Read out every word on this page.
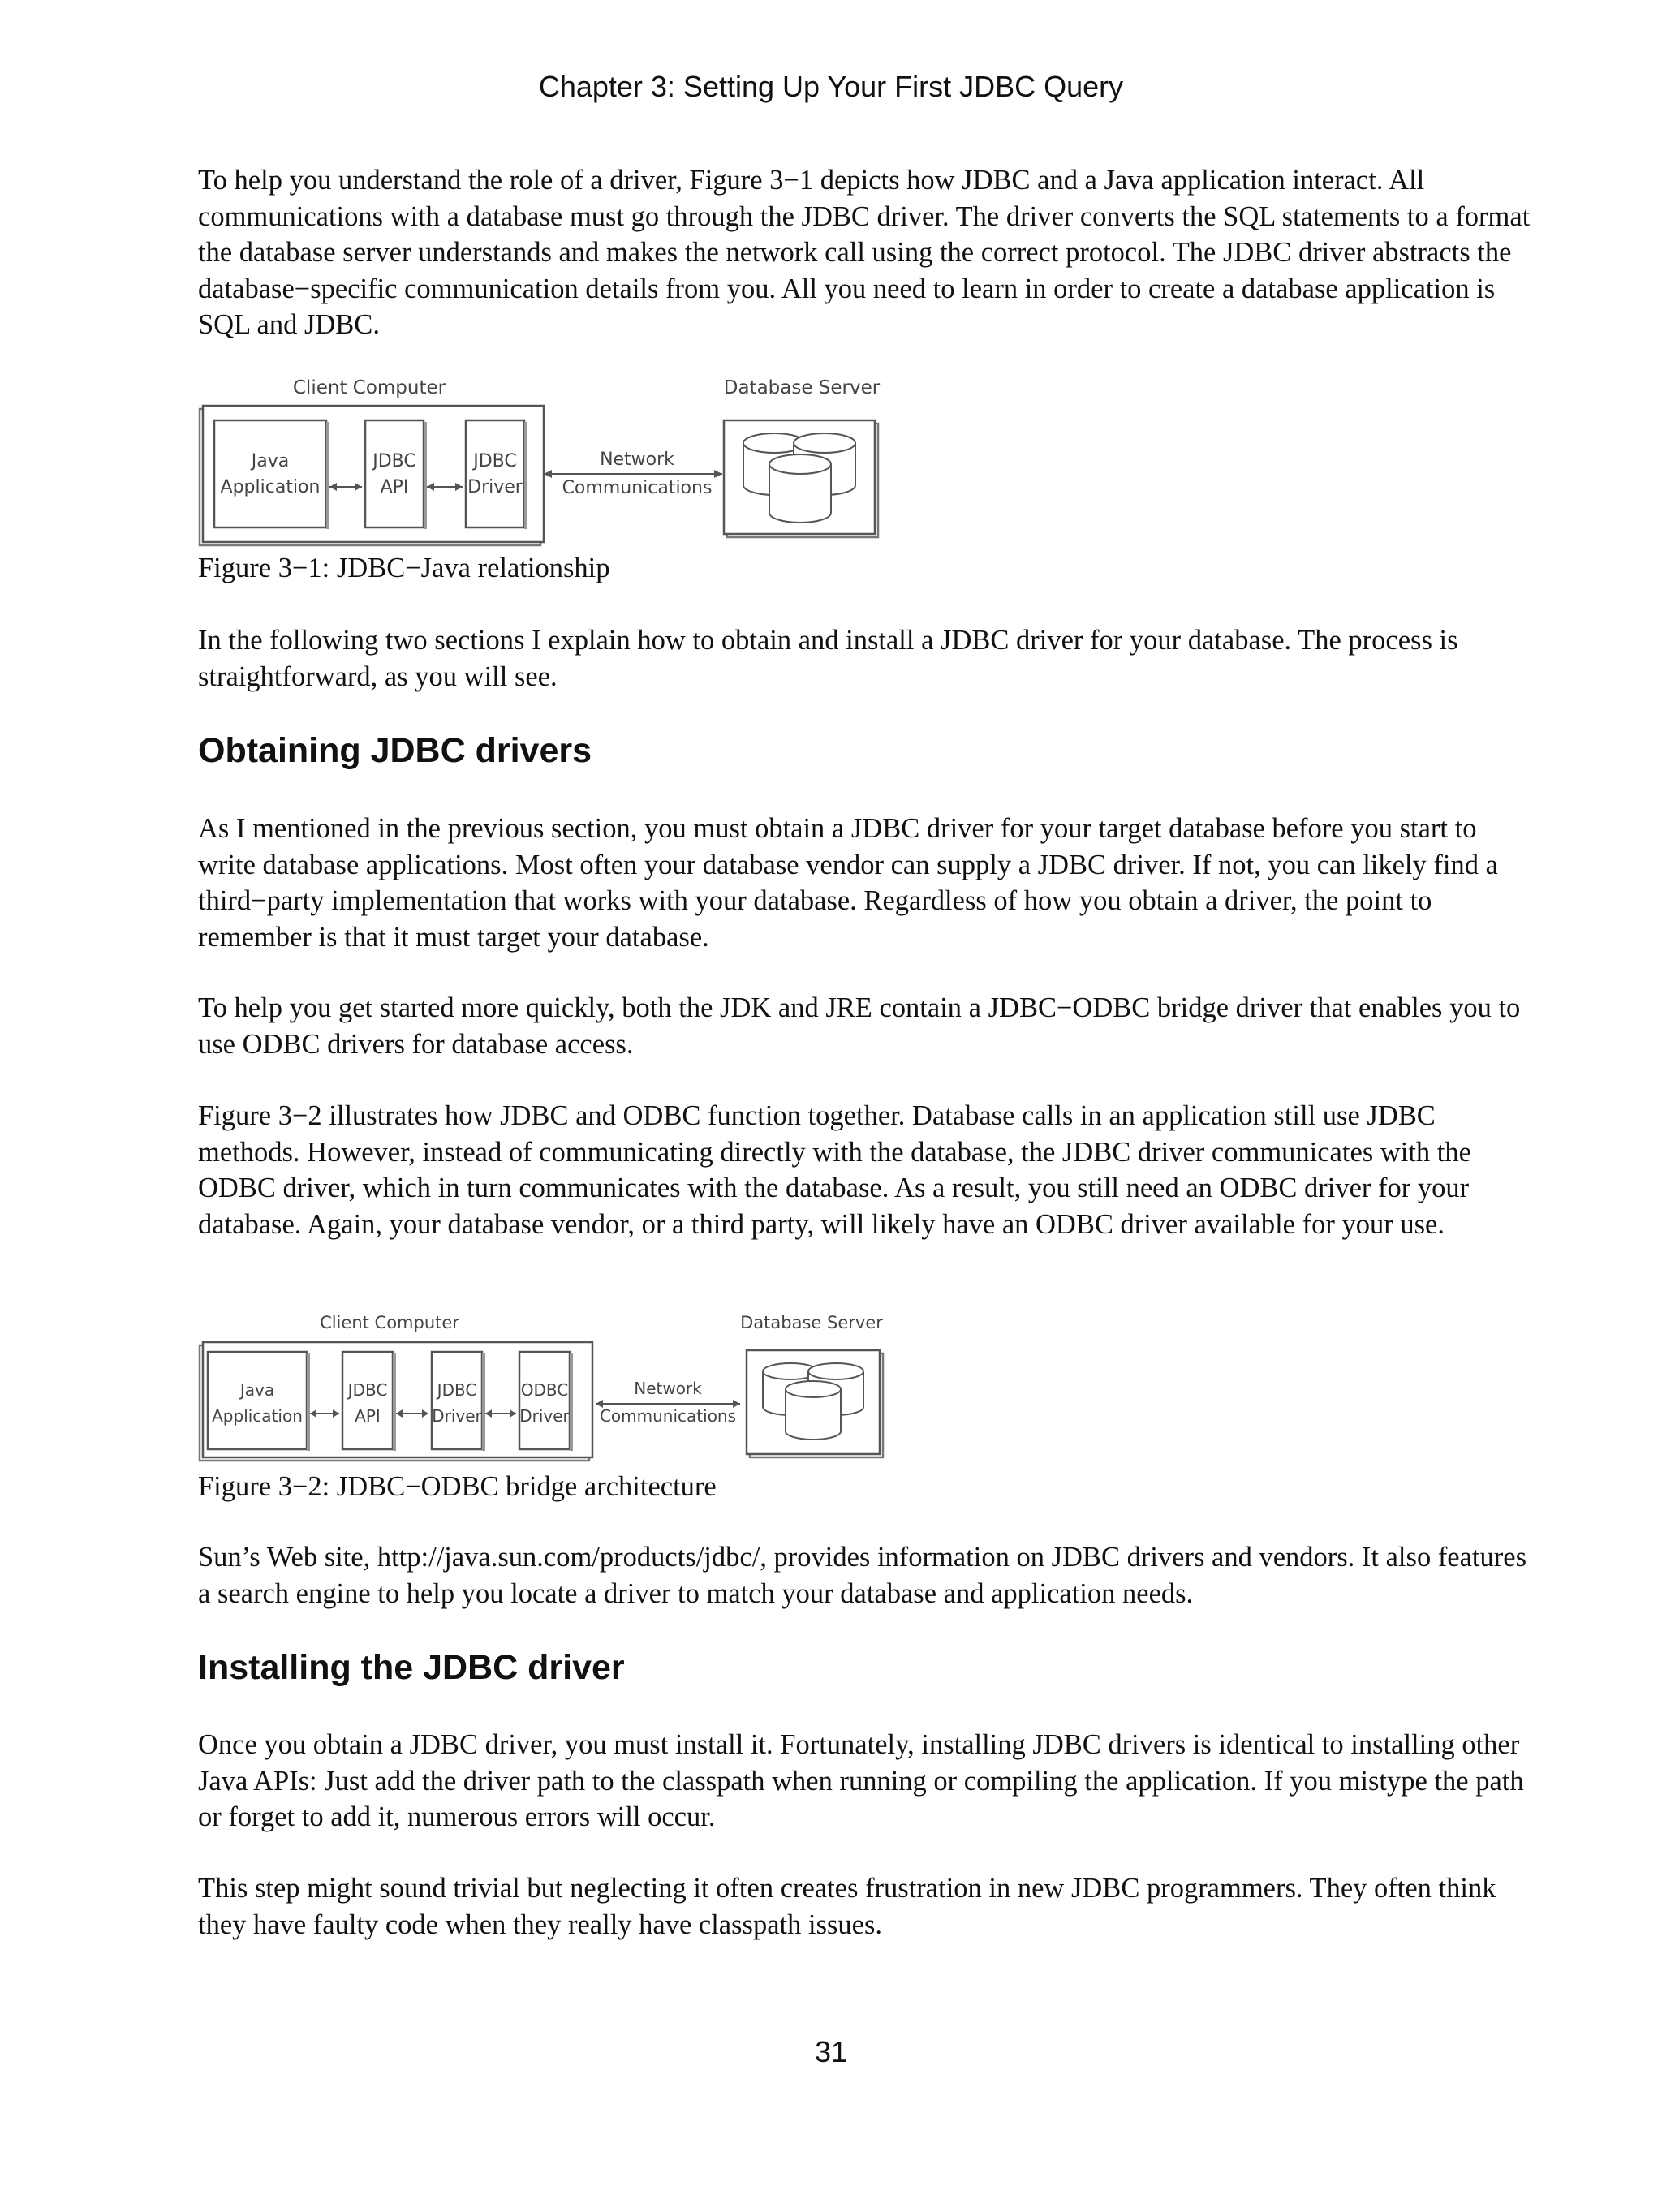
Chapter 3: Setting Up Your First JDBC Query
To help you understand the role of a driver, Figure 3−1 depicts how JDBC and a Java application interact. All communications with a database must go through the JDBC driver. The driver converts the SQL statements to a format the database server understands and makes the network call using the correct protocol. The JDBC driver abstracts the database−specific communication details from you. All you need to learn in order to create a database application is SQL and JDBC.
Client Computer	Database Server
Java
Application
JDBC
API
JDBC
Driver
Network
Communications
Figure 3−1: JDBC−Java relationship
In the following two sections I explain how to obtain and install a JDBC driver for your database. The process is straightforward, as you will see.
Obtaining JDBC drivers
As I mentioned in the previous section, you must obtain a JDBC driver for your target database before you start to write database applications. Most often your database vendor can supply a JDBC driver. If not, you can likely find a third−party implementation that works with your database. Regardless of how you obtain a driver, the point to remember is that it must target your database.
To help you get started more quickly, both the JDK and JRE contain a JDBC−ODBC bridge driver that enables you to use ODBC drivers for database access.
Figure 3−2 illustrates how JDBC and ODBC function together. Database calls in an application still use JDBC methods. However, instead of communicating directly with the database, the JDBC driver communicates with the ODBC driver, which in turn communicates with the database. As a result, you still need an ODBC driver for your database. Again, your database vendor, or a third party, will likely have an ODBC driver available for your use.
Client Computer	Database Server
Java
Application
JDBC
API
JDBC
Driver
ODBC
Driver
Network
Communications
Figure 3−2: JDBC−ODBC bridge architecture
Sun’s Web site, http://java.sun.com/products/jdbc/, provides information on JDBC drivers and vendors. It also features a search engine to help you locate a driver to match your database and application needs.
Installing the JDBC driver
Once you obtain a JDBC driver, you must install it. Fortunately, installing JDBC drivers is identical to installing other Java APIs: Just add the driver path to the classpath when running or compiling the application. If you mistype the path or forget to add it, numerous errors will occur.
This step might sound trivial but neglecting it often creates frustration in new JDBC programmers. They often think they have faulty code when they really have classpath issues.
31
